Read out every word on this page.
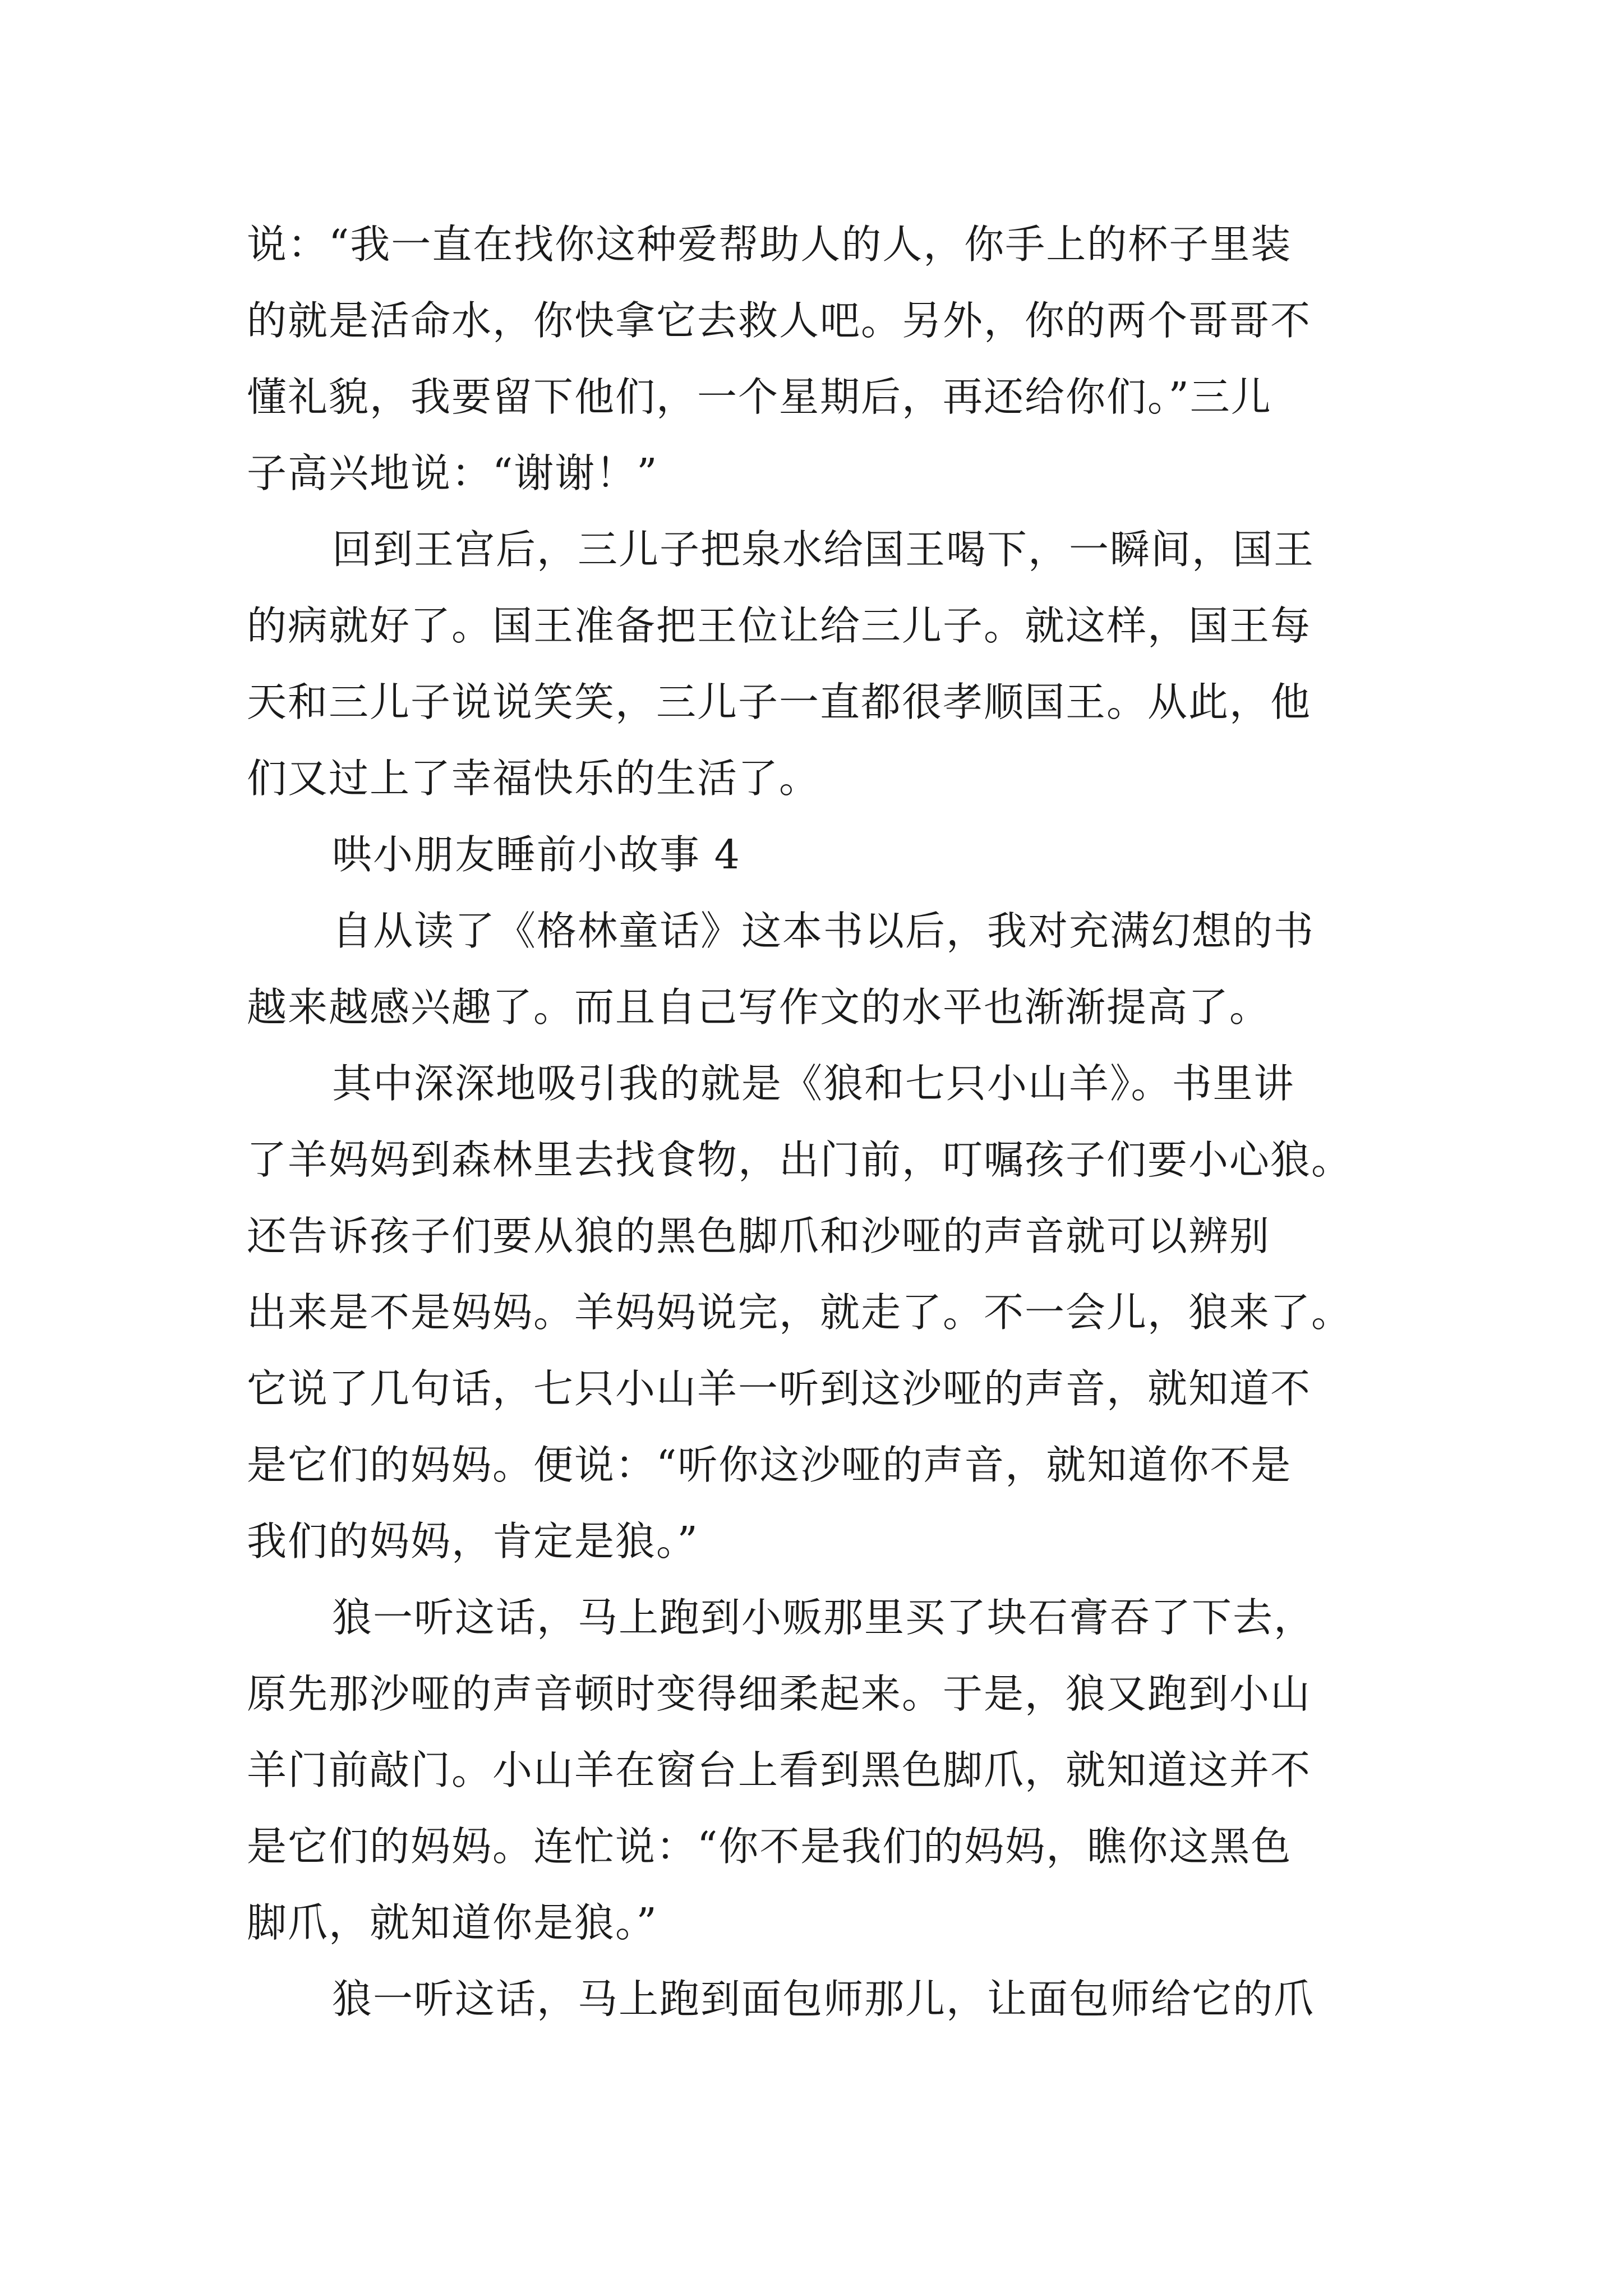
说：“我一直在找你这种爱帮助人的人，你手上的杯子里装
的就是活命水，你快拿它去救人吧。另外，你的两个哥哥不
懂礼貌，我要留下他们，一个星期后，再还给你们。”三儿
子高兴地说：“谢谢！”
回到王宫后，三儿子把泉水给国王喝下，一瞬间，国王
的病就好了。国王准备把王位让给三儿子。就这样，国王每
天和三儿子说说笑笑，三儿子一直都很孝顺国王。从此，他
们又过上了幸福快乐的生活了。
哄小朋友睡前小故事 4
自从读了《格林童话》这本书以后，我对充满幻想的书
越来越感兴趣了。而且自己写作文的水平也渐渐提高了。
其中深深地吸引我的就是《狼和七只小山羊》。书里讲
了羊妈妈到森林里去找食物，出门前，叮嘱孩子们要小心狼。
还告诉孩子们要从狼的黑色脚爪和沙哑的声音就可以辨别
出来是不是妈妈。羊妈妈说完，就走了。不一会儿，狼来了。
它说了几句话，七只小山羊一听到这沙哑的声音，就知道不
是它们的妈妈。便说：“听你这沙哑的声音，就知道你不是
我们的妈妈，肯定是狼。”
狼一听这话，马上跑到小贩那里买了块石膏吞了下去，
原先那沙哑的声音顿时变得细柔起来。于是，狼又跑到小山
羊门前敲门。小山羊在窗台上看到黑色脚爪，就知道这并不
是它们的妈妈。连忙说：“你不是我们的妈妈，瞧你这黑色
脚爪，就知道你是狼。”
狼一听这话，马上跑到面包师那儿，让面包师给它的爪
